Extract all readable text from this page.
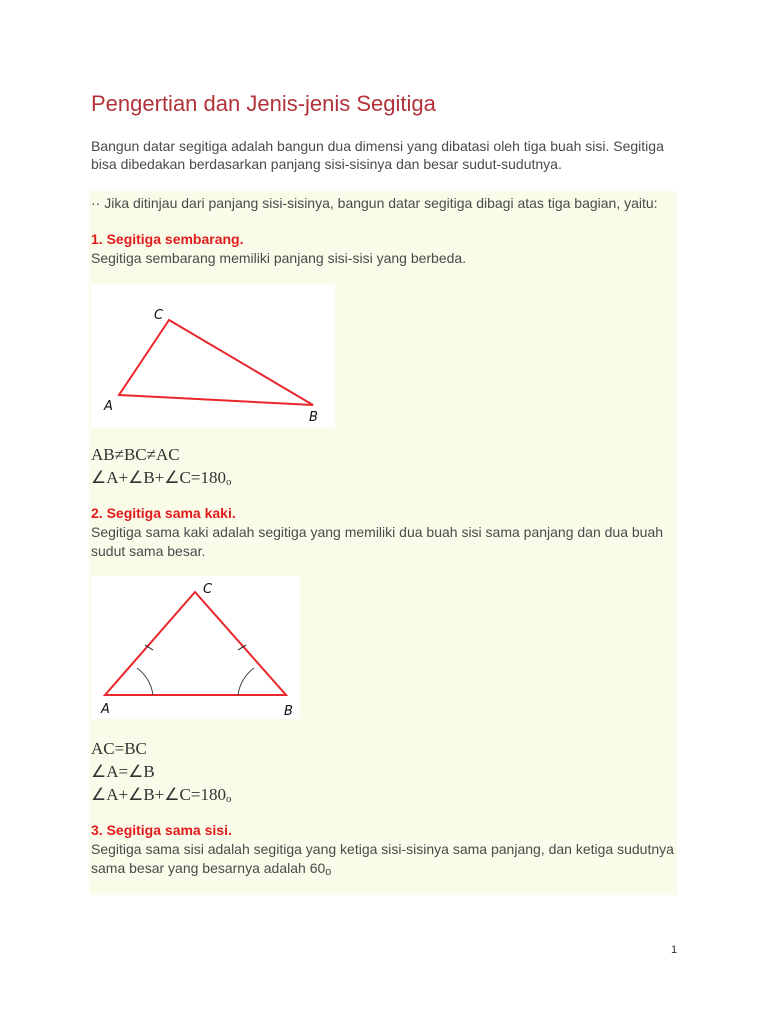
Pengertian dan Jenis-jenis Segitiga

Bangun datar segitiga adalah bangun dua dimensi yang dibatasi oleh tiga buah sisi. Segitiga bisa dibedakan berdasarkan panjang sisi-sisinya dan besar sudut-sudutnya.

·· Jika ditinjau dari panjang sisi-sisinya, bangun datar segitiga dibagi atas tiga bagian, yaitu:

1. Segitiga sembarang.

Segitiga sembarang memiliki panjang sisi-sisi yang berbeda.

C
A
B

AB≠BC≠AC

∠A+∠B+∠C=180o

2. Segitiga sama kaki.

Segitiga sama kaki adalah segitiga yang memiliki dua buah sisi sama panjang dan dua buah sudut sama besar.

C
A	B

AC=BC

∠A=∠B

∠A+∠B+∠C=180o

3. Segitiga sama sisi.

Segitiga sama sisi adalah segitiga yang ketiga sisi-sisinya sama panjang, dan ketiga sudutnya sama besar yang besarnya adalah 60o

1
